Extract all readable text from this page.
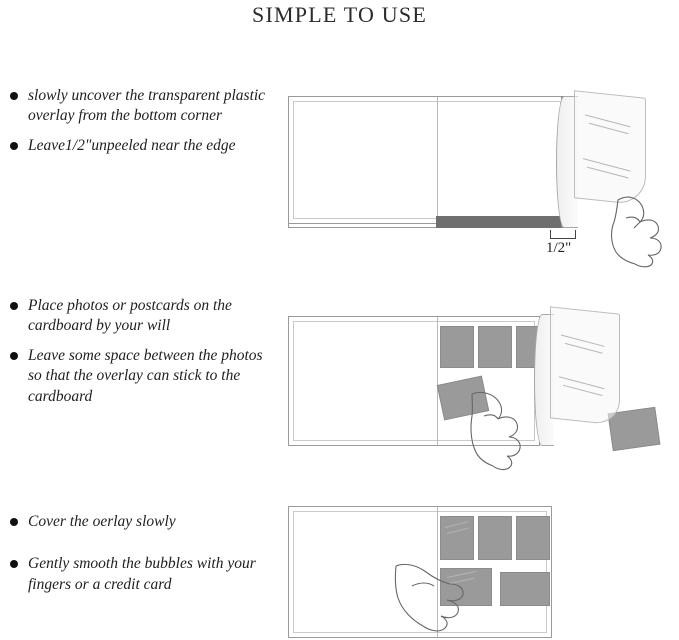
SIMPLE TO USE
slowly uncover the transparent plastic overlay from the bottom corner
Leave1/2"unpeeled near the edge
1/2"
Place photos or postcards on the cardboard by your will
Leave some space between the photos so that the overlay can stick to the cardboard
Cover the oerlay slowly
Gently smooth the bubbles with your fingers or a credit card
